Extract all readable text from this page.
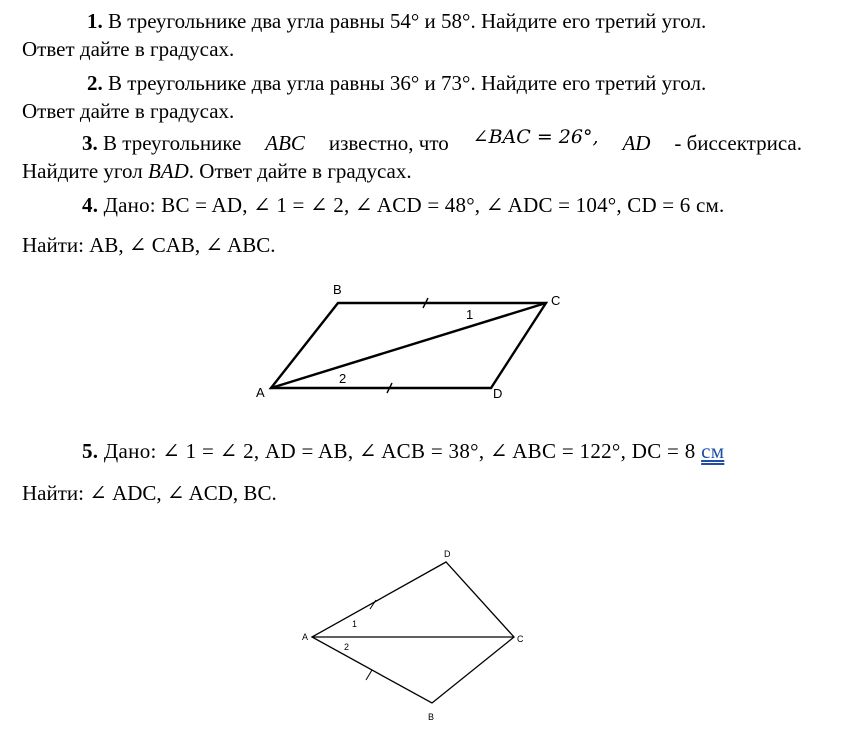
1. В треугольнике два угла равны 54° и 58°. Найдите его третий угол.
Ответ дайте в градусах.
2. В треугольнике два угла равны 36° и 73°. Найдите его третий угол.
Ответ дайте в градусах.
3. В треугольнике ABC известно, что ∠BAC = 26°, AD - биссектриса.
Найдите угол BAD. Ответ дайте в градусах.
4. Дано: BC = AD, ∠ 1 = ∠ 2, ∠ ACD = 48°, ∠ ADC = 104°, CD = 6 см.
Найти: AB, ∠ CAB, ∠ ABC.
B
C
A	D
1
2
D
A	C
B
1
2
5. Дано: ∠ 1 = ∠ 2, AD = AB, ∠ ACB = 38°, ∠ ABC = 122°, DC = 8 см
Найти: ∠ ADC, ∠ ACD, BC.
